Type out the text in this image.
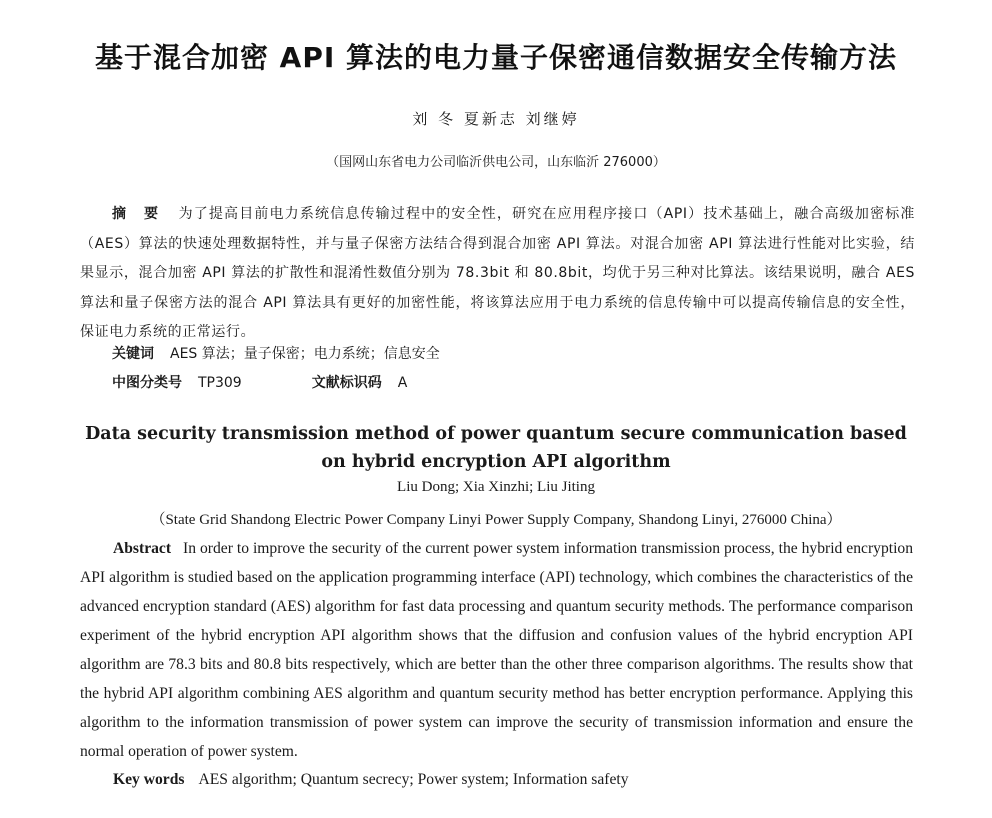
基于混合加密 API 算法的电力量子保密通信数据安全传输方法
刘 冬 夏新志 刘继婷
（国网山东省电力公司临沂供电公司，山东临沂 276000）
摘 要 为了提高目前电力系统信息传输过程中的安全性，研究在应用程序接口（API）技术基础上，融合高级加密标准（AES）算法的快速处理数据特性，并与量子保密方法结合得到混合加密 API 算法。对混合加密 API 算法进行性能对比实验，结果显示，混合加密 API 算法的扩散性和混淆性数值分别为 78.3bit 和 80.8bit，均优于另三种对比算法。该结果说明，融合 AES 算法和量子保密方法的混合 API 算法具有更好的加密性能，将该算法应用于电力系统的信息传输中可以提高传输信息的安全性，保证电力系统的正常运行。
关键词 AES 算法；量子保密；电力系统；信息安全
中图分类号 TP309	文献标识码 A
Data security transmission method of power quantum secure communication based on hybrid encryption API algorithm
Liu Dong; Xia Xinzhi; Liu Jiting
（State Grid Shandong Electric Power Company Linyi Power Supply Company, Shandong Linyi, 276000 China）
Abstract In order to improve the security of the current power system information transmission process, the hybrid encryption API algorithm is studied based on the application programming interface (API) technology, which combines the characteristics of the advanced encryption standard (AES) algorithm for fast data processing and quantum security methods. The performance comparison experiment of the hybrid encryption API algorithm shows that the diffusion and confusion values of the hybrid encryption API algorithm are 78.3 bits and 80.8 bits respectively, which are better than the other three comparison algorithms. The results show that the hybrid API algorithm combining AES algorithm and quantum security method has better encryption performance. Applying this algorithm to the information transmission of power system can improve the security of transmission information and ensure the normal operation of power system.
Key words AES algorithm; Quantum secrecy; Power system; Information safety
